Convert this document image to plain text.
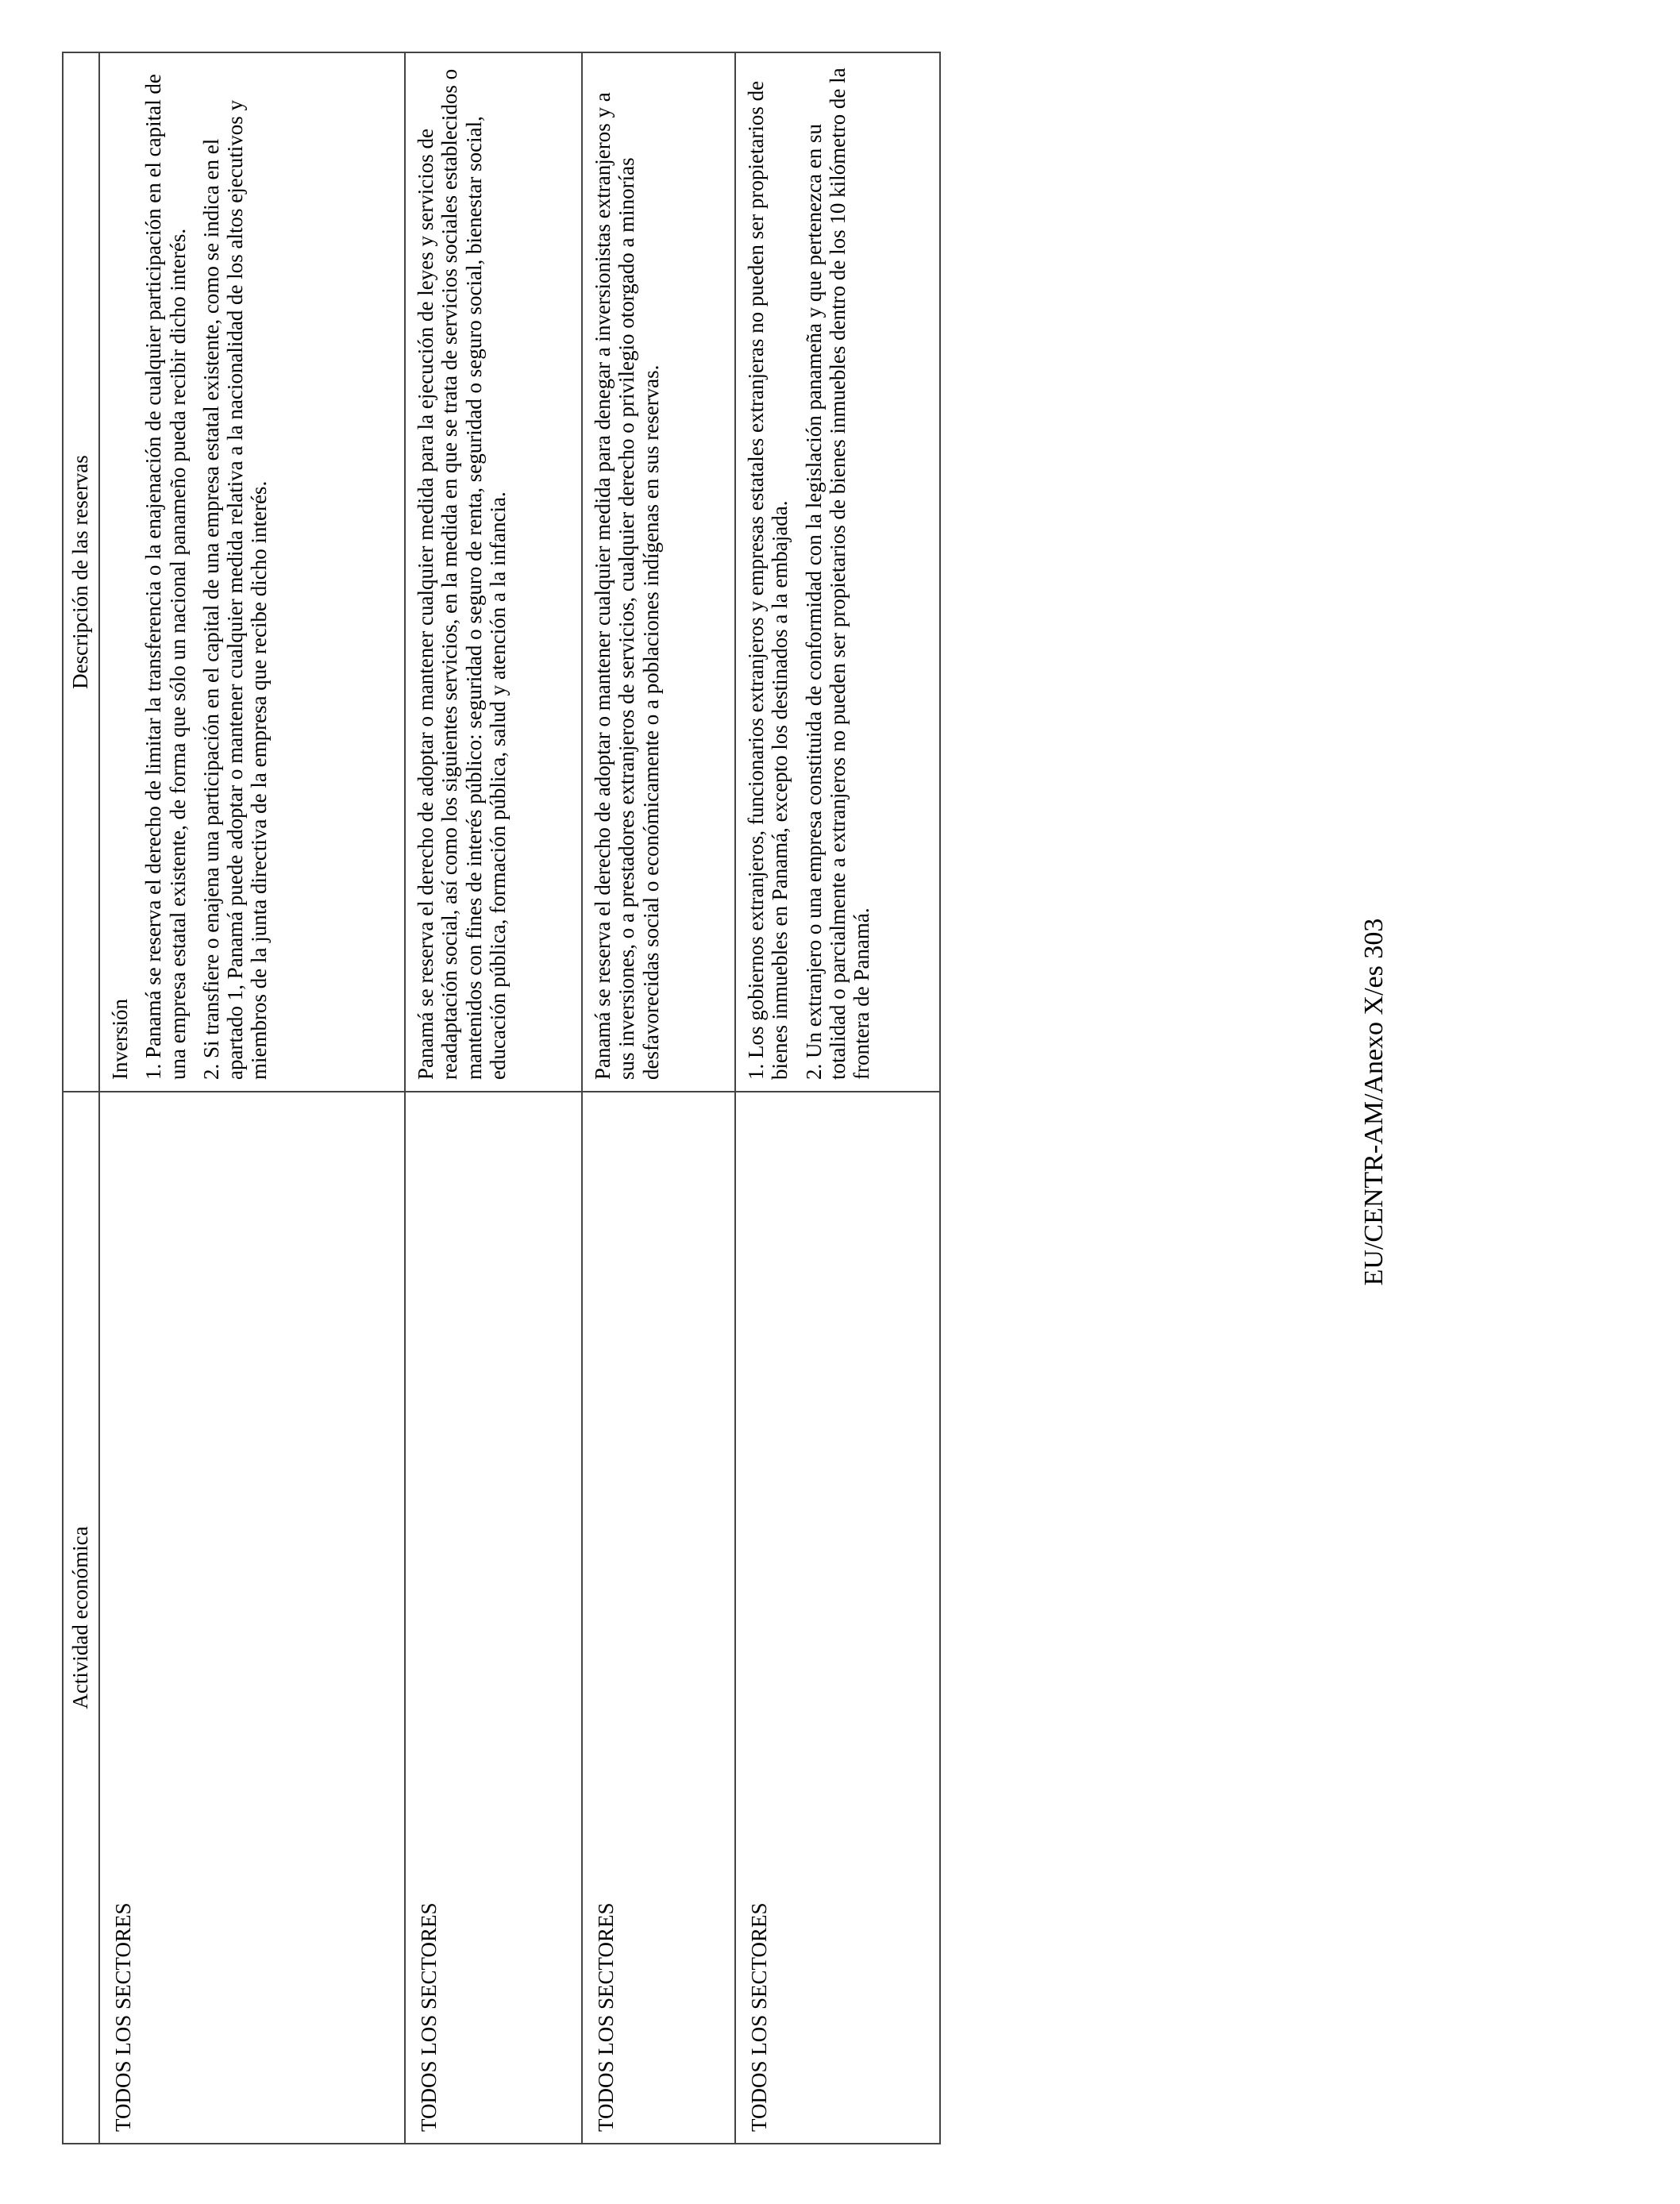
Actividad económica	Descripción de las reservas

TODOS LOS SECTORES	Inversión 1. Panamá se reserva el derecho de limitar la transferencia o la enajenación de cualquier participación en el capital de una empresa estatal existente, de forma que sólo un nacional panameño pueda recibir dicho interés. 2. Si transfiere o enajena una participación en el capital de una empresa estatal existente, como se indica en el apartado 1, Panamá puede adoptar o mantener cualquier medida relativa a la nacionalidad de los altos ejecutivos y miembros de la junta directiva de la empresa que recibe dicho interés.

TODOS LOS SECTORES	Panamá se reserva el derecho de adoptar o mantener cualquier medida para la ejecución de leyes y servicios de readaptación social, así como los siguientes servicios, en la medida en que se trata de servicios sociales establecidos o mantenidos con fines de interés público: seguridad o seguro de renta, seguridad o seguro social, bienestar social, educación pública, formación pública, salud y atención a la infancia.

TODOS LOS SECTORES	Panamá se reserva el derecho de adoptar o mantener cualquier medida para denegar a inversionistas extranjeros y a sus inversiones, o a prestadores extranjeros de servicios, cualquier derecho o privilegio otorgado a minorías desfavorecidas social o económicamente o a poblaciones indígenas en sus reservas.

TODOS LOS SECTORES	1. Los gobiernos extranjeros, funcionarios extranjeros y empresas estatales extranjeras no pueden ser propietarios de bienes inmuebles en Panamá, excepto los destinados a la embajada. 2. Un extranjero o una empresa constituida de conformidad con la legislación panameña y que pertenezca en su totalidad o parcialmente a extranjeros no pueden ser propietarios de bienes inmuebles dentro de los 10 kilómetro de la frontera de Panamá.	EU/CENTR-AM/Anexo X/es 303
